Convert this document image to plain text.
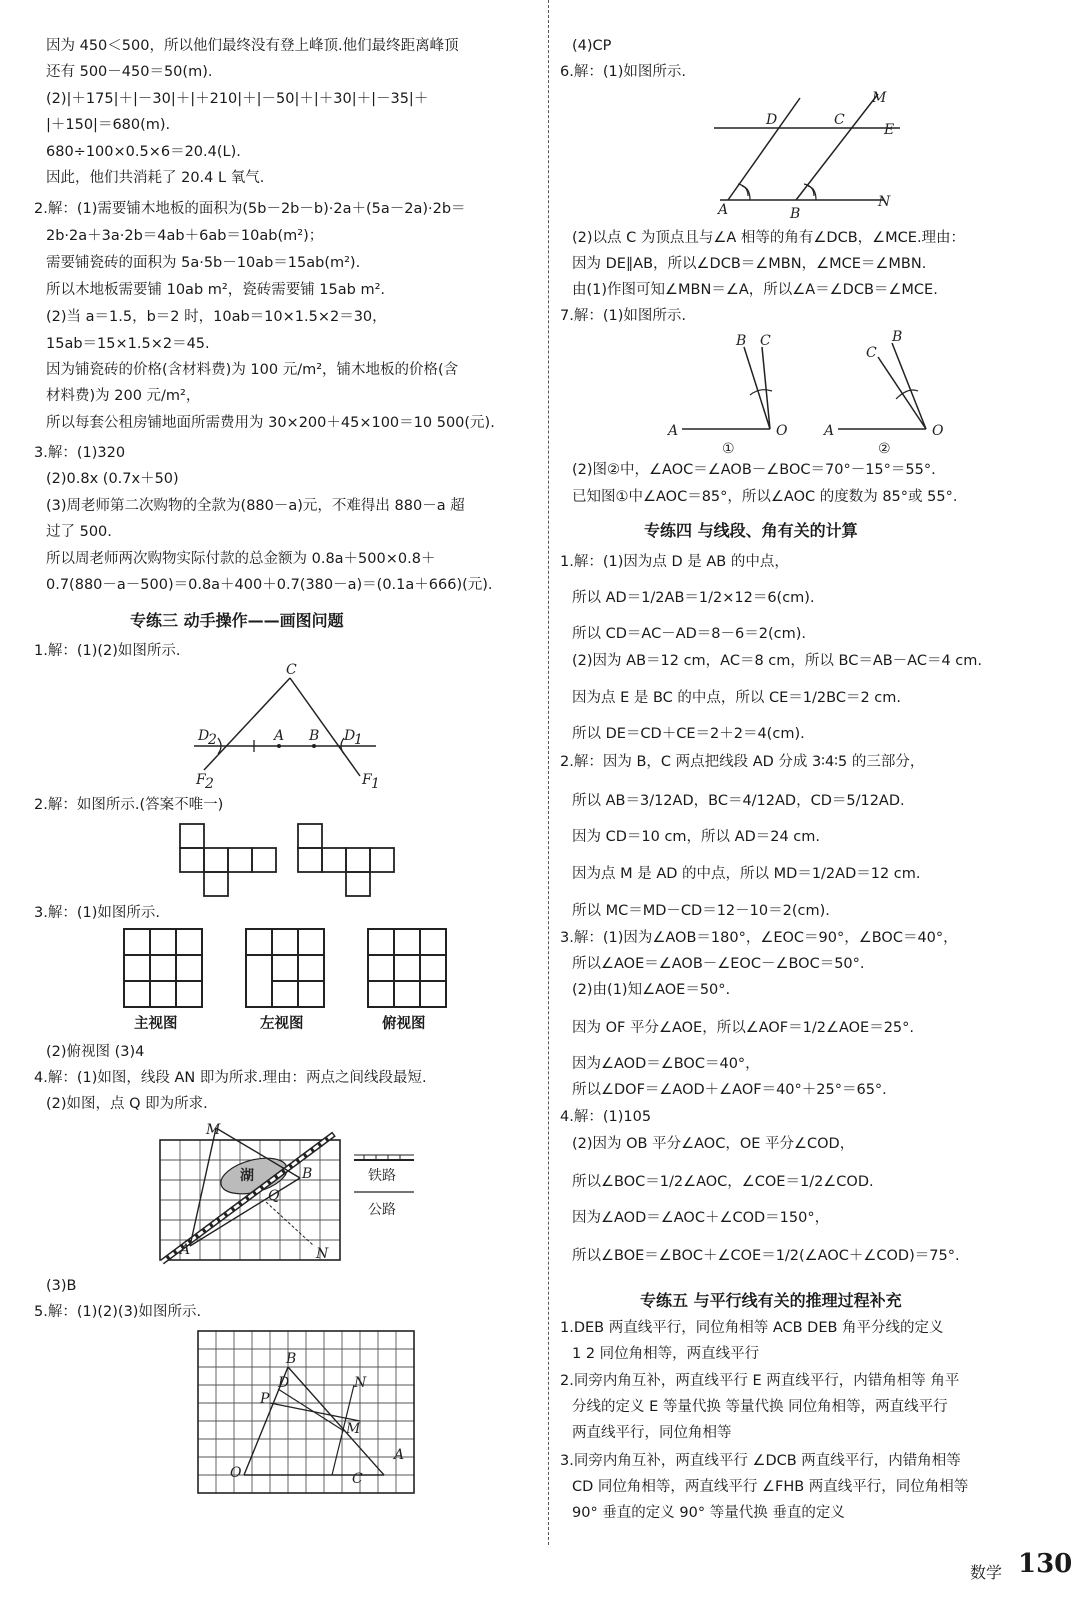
因为 450＜500，所以他们最终没有登上峰顶.他们最终距离峰顶
还有 500－450＝50(m).
(2)|＋175|＋|－30|＋|＋210|＋|－50|＋|＋30|＋|－35|＋
|＋150|＝680(m).
680÷100×0.5×6＝20.4(L).
因此，他们共消耗了 20.4 L 氧气.
2.解：(1)需要铺木地板的面积为(5b－2b－b)·2a＋(5a－2a)·2b＝
2b·2a＋3a·2b＝4ab＋6ab＝10ab(m²)；
需要铺瓷砖的面积为 5a·5b－10ab＝15ab(m²).
所以木地板需要铺 10ab m²，瓷砖需要铺 15ab m².
(2)当 a＝1.5，b＝2 时，10ab＝10×1.5×2＝30，
15ab＝15×1.5×2＝45.
因为铺瓷砖的价格(含材料费)为 100 元/m²，铺木地板的价格(含
材料费)为 200 元/m²，
所以每套公租房铺地面所需费用为 30×200＋45×100＝10 500(元).
3.解：(1)320
(2)0.8x (0.7x＋50)
(3)周老师第二次购物的全款为(880－a)元，不难得出 880－a 超
过了 500.
所以周老师两次购物实际付款的总金额为 0.8a＋500×0.8＋
0.7(880－a－500)＝0.8a＋400＋0.7(380－a)＝(0.1a＋666)(元).
专练三 动手操作——画图问题
1.解：(1)(2)如图所示.
C
A B
D
2	D
1
F 2	F 1
2.解：如图所示.(答案不唯一)
3.解：(1)如图所示.
主视图	左视图	俯视图
(2)俯视图 (3)4
4.解：(1)如图，线段 AN 即为所求.理由：两点之间线段最短.
(2)如图，点 Q 即为所求.
M
B
A	N
Q
湖	铁路
公路
(3)B
5.解：(1)(2)(3)如图所示.
O
B
D
P
N
M
A
C
(4)CP
6.解：(1)如图所示.
D	C
E
M
A	B
N
(2)以点 C 为顶点且与∠A 相等的角有∠DCB，∠MCE.理由：
因为 DE∥AB，所以∠DCB＝∠MBN，∠MCE＝∠MBN.
由(1)作图可知∠MBN＝∠A，所以∠A＝∠DCB＝∠MCE.
7.解：(1)如图所示.
A	O
B C
①
A	O
B
C
②
(2)图②中，∠AOC＝∠AOB－∠BOC＝70°－15°＝55°.
已知图①中∠AOC＝85°，所以∠AOC 的度数为 85°或 55°.
专练四 与线段、角有关的计算
1.解：(1)因为点 D 是 AB 的中点，
所以 AD＝1/2AB＝1/2×12＝6(cm).
所以 CD＝AC－AD＝8－6＝2(cm).
(2)因为 AB＝12 cm，AC＝8 cm，所以 BC＝AB－AC＝4 cm.
因为点 E 是 BC 的中点，所以 CE＝1/2BC＝2 cm.
所以 DE＝CD＋CE＝2＋2＝4(cm).
2.解：因为 B，C 两点把线段 AD 分成 3∶4∶5 的三部分，
所以 AB＝3/12AD，BC＝4/12AD，CD＝5/12AD.
因为 CD＝10 cm，所以 AD＝24 cm.
因为点 M 是 AD 的中点，所以 MD＝1/2AD＝12 cm.
所以 MC＝MD－CD＝12－10＝2(cm).
3.解：(1)因为∠AOB＝180°，∠EOC＝90°，∠BOC＝40°，
所以∠AOE＝∠AOB－∠EOC－∠BOC＝50°.
(2)由(1)知∠AOE＝50°.
因为 OF 平分∠AOE，所以∠AOF＝1/2∠AOE＝25°.
因为∠AOD＝∠BOC＝40°，
所以∠DOF＝∠AOD＋∠AOF＝40°＋25°＝65°.
4.解：(1)105
(2)因为 OB 平分∠AOC，OE 平分∠COD，
所以∠BOC＝1/2∠AOC，∠COE＝1/2∠COD.
因为∠AOD＝∠AOC＋∠COD＝150°，
所以∠BOE＝∠BOC＋∠COE＝1/2(∠AOC＋∠COD)＝75°.
专练五 与平行线有关的推理过程补充
1.DEB 两直线平行，同位角相等 ACB DEB 角平分线的定义
1 2 同位角相等，两直线平行
2.同旁内角互补，两直线平行 E 两直线平行，内错角相等 角平
分线的定义 E 等量代换 等量代换 同位角相等，两直线平行
两直线平行，同位角相等
3.同旁内角互补，两直线平行 ∠DCB 两直线平行，内错角相等
CD 同位角相等，两直线平行 ∠FHB 两直线平行，同位角相等
90° 垂直的定义 90° 等量代换 垂直的定义
数学 130
